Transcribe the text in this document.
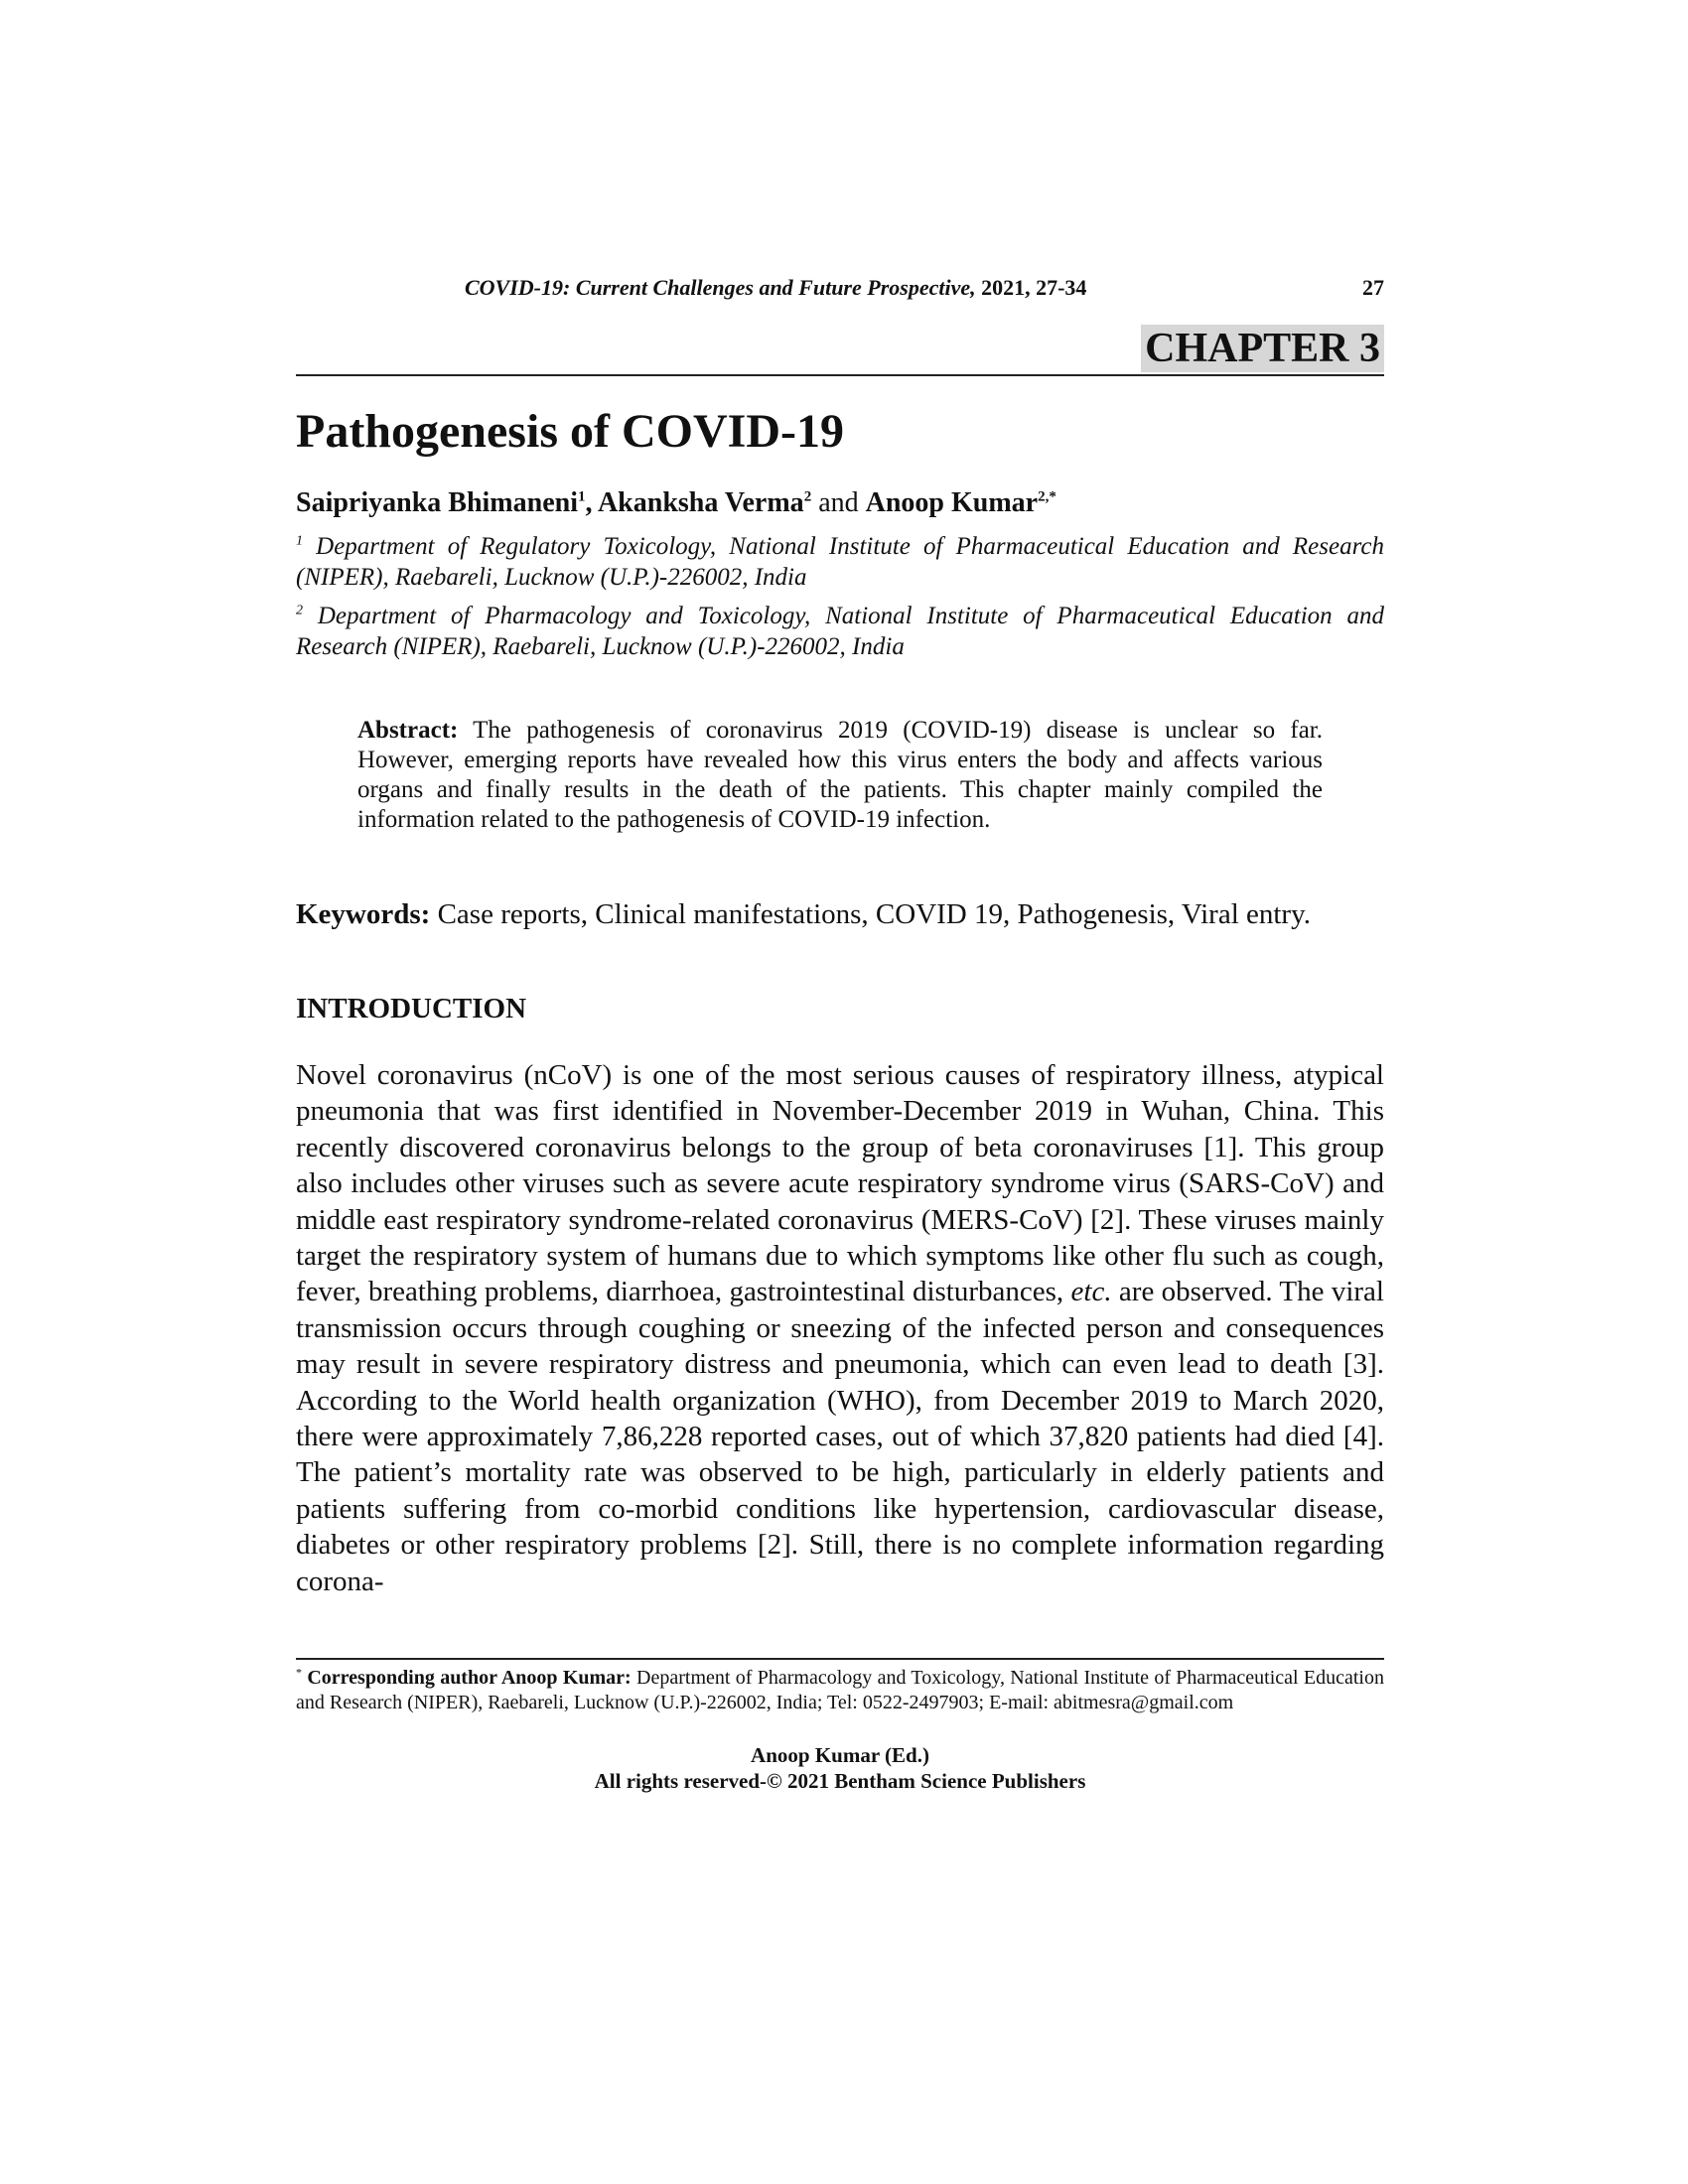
COVID-19: Current Challenges and Future Prospective, 2021, 27-34	27
CHAPTER 3
Pathogenesis of COVID-19
Saipriyanka Bhimaneni$^1$, Akanksha Verma$^2$ and Anoop Kumar$^{2,*}$
$^1$ Department of Regulatory Toxicology, National Institute of Pharmaceutical Education and Research (NIPER), Raebareli, Lucknow (U.P.)-226002, India
$^2$ Department of Pharmacology and Toxicology, National Institute of Pharmaceutical Education and Research (NIPER), Raebareli, Lucknow (U.P.)-226002, India
Abstract: The pathogenesis of coronavirus 2019 (COVID-19) disease is unclear so far. However, emerging reports have revealed how this virus enters the body and affects various organs and finally results in the death of the patients. This chapter mainly compiled the information related to the pathogenesis of COVID-19 infection.
Keywords: Case reports, Clinical manifestations, COVID 19, Pathogenesis, Viral entry.
INTRODUCTION
Novel coronavirus (nCoV) is one of the most serious causes of respiratory illness, atypical pneumonia that was first identified in November-December 2019 in Wuhan, China. This recently discovered coronavirus belongs to the group of beta coronaviruses [1]. This group also includes other viruses such as severe acute respiratory syndrome virus (SARS-CoV) and middle east respiratory syndrome-related coronavirus (MERS-CoV) [2]. These viruses mainly target the respiratory system of humans due to which symptoms like other flu such as cough, fever, breathing problems, diarrhoea, gastrointestinal disturbances, etc. are observed. The viral transmission occurs through coughing or sneezing of the infected person and consequences may result in severe respiratory distress and pneumonia, which can even lead to death [3]. According to the World health organization (WHO), from December 2019 to March 2020, there were approximately 7,86,228 reported cases, out of which 37,820 patients had died [4]. The patient’s mortality rate was observed to be high, particularly in elderly patients and patients suffering from co-morbid conditions like hypertension, cardiovascular disease, diabetes or other respiratory problems [2]. Still, there is no complete information regarding corona-
* Corresponding author Anoop Kumar: Department of Pharmacology and Toxicology, National Institute of Pharmaceutical Education and Research (NIPER), Raebareli, Lucknow (U.P.)-226002, India; Tel: 0522-2497903; E-mail: abitmesra@gmail.com
Anoop Kumar (Ed.)
All rights reserved-© 2021 Bentham Science Publishers
